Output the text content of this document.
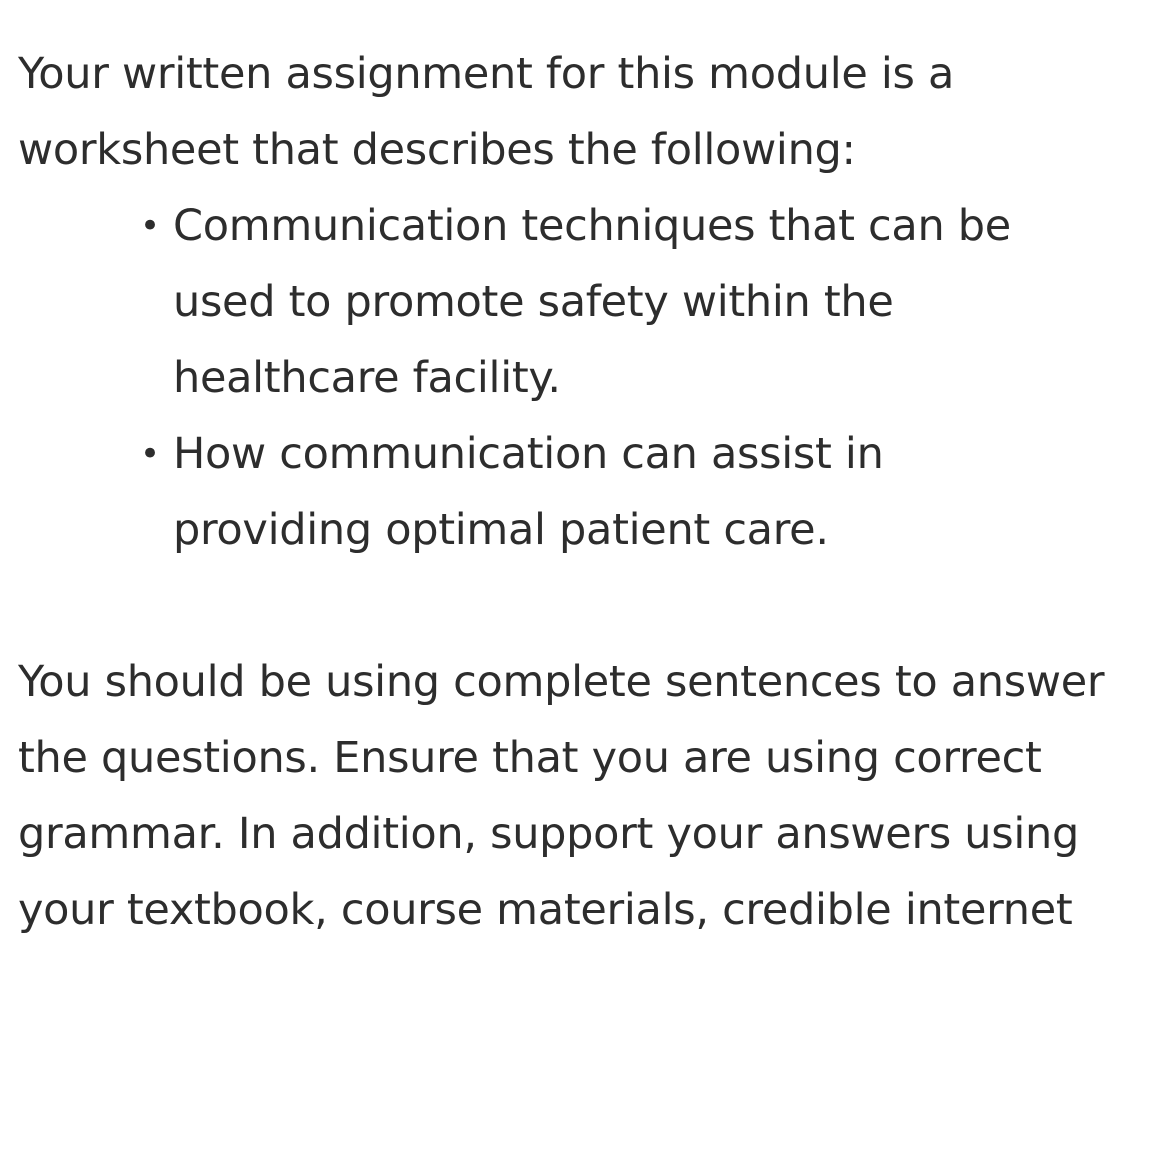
Your written assignment for this module is a
worksheet that describes the following:

• Communication techniques that can be
used to promote safety within the
healthcare facility.
• How communication can assist in
providing optimal patient care.

You should be using complete sentences to answer
the questions. Ensure that you are using correct
grammar. In addition, support your answers using
your textbook, course materials, credible internet
